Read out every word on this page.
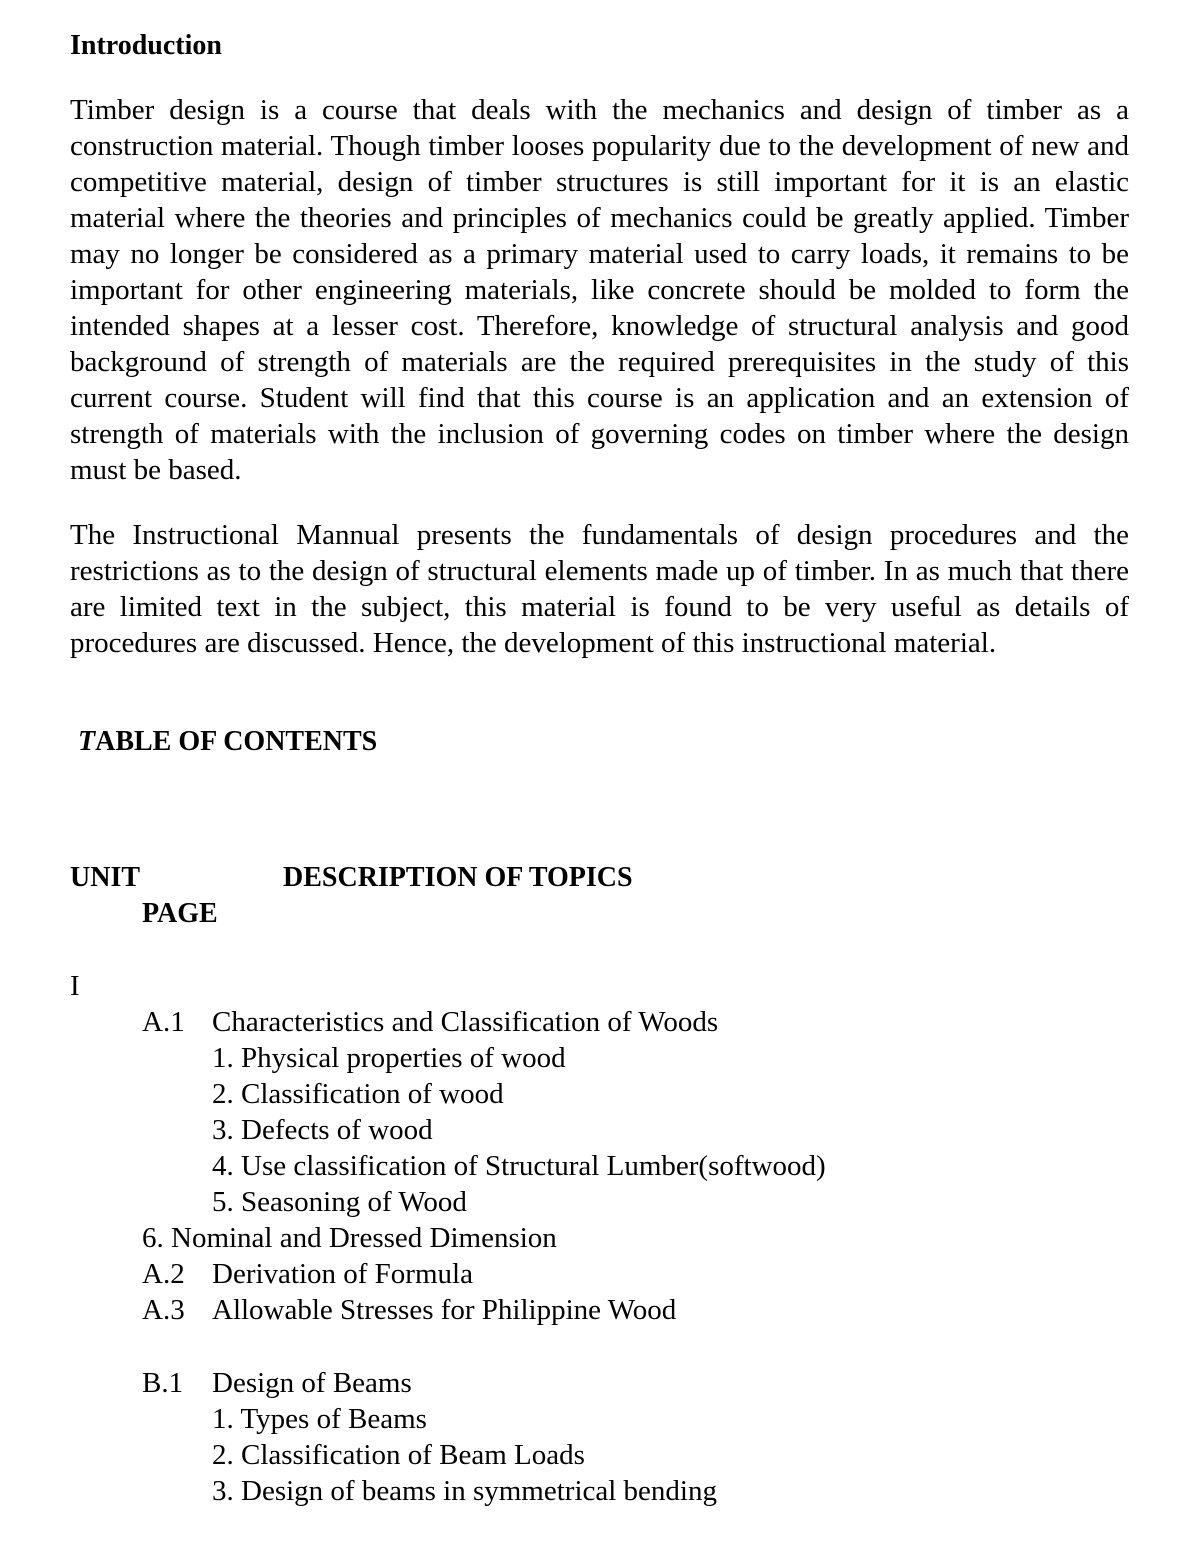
Introduction

Timber design is a course that deals with the mechanics and design of timber as a construction material. Though timber looses popularity due to the development of new and competitive material, design of timber structures is still important for it is an elastic material where the theories and principles of mechanics could be greatly applied. Timber may no longer be considered as a primary material used to carry loads, it remains to be important for other engineering materials, like concrete should be molded to form the intended shapes at a lesser cost. Therefore, knowledge of structural analysis and good background of strength of materials are the required prerequisites in the study of this current course. Student will find that this course is an application and an extension of strength of materials with the inclusion of governing codes on timber where the design must be based.

The Instructional Mannual presents the fundamentals of design procedures and the restrictions as to the design of structural elements made up of timber. In as much that there are limited text in the subject, this material is found to be very useful as details of procedures are discussed. Hence, the development of this instructional material.

TABLE OF CONTENTS
UNIT	DESCRIPTION OF TOPICS
PAGE
I
A.1 Characteristics and Classification of Woods
1. Physical properties of wood
2. Classification of wood
3. Defects of wood
4. Use classification of Structural Lumber(softwood)
5. Seasoning of Wood
6. Nominal and Dressed Dimension
A.2 Derivation of Formula
A.3 Allowable Stresses for Philippine Wood
B.1 Design of Beams
1. Types of Beams
2. Classification of Beam Loads
3. Design of beams in symmetrical bending
